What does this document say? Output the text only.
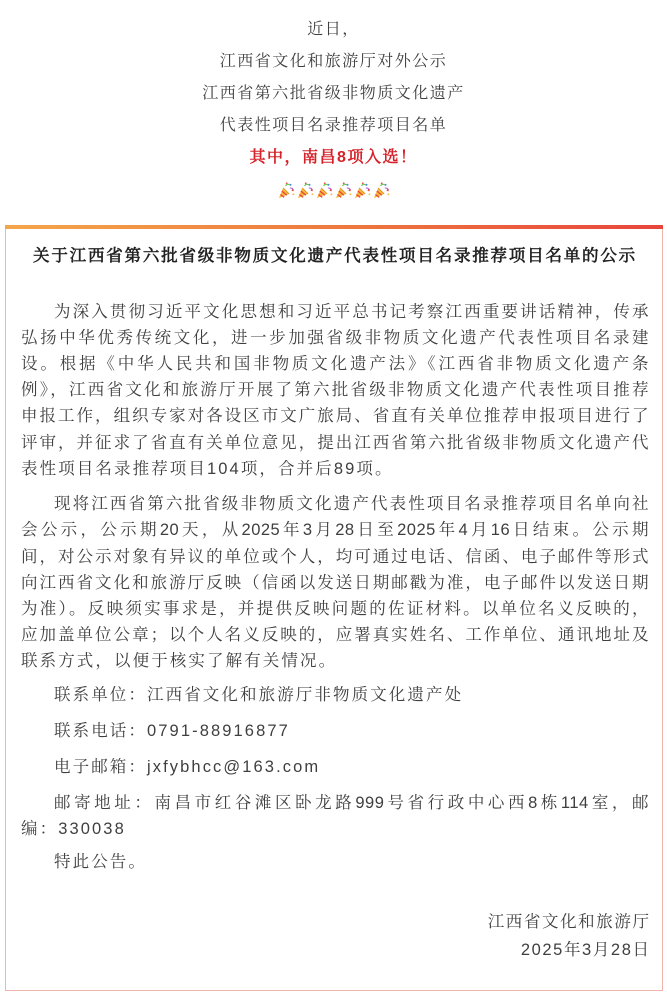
近日，
江西省文化和旅游厅对外公示
江西省第六批省级非物质文化遗产
代表性项目名录推荐项目名单
其中，南昌8项入选！
关于江西省第六批省级非物质文化遗产代表性项目名录推荐项目名单的公示
为深入贯彻习近平文化思想和习近平总书记考察江西重要讲话精神，传承
弘扬中华优秀传统文化，进一步加强省级非物质文化遗产代表性项目名录建
设。根据《中华人民共和国非物质文化遗产法》《江西省非物质文化遗产条
例》，江西省文化和旅游厅开展了第六批省级非物质文化遗产代表性项目推荐
申报工作，组织专家对各设区市文广旅局、省直有关单位推荐申报项目进行了
评审，并征求了省直有关单位意见，提出江西省第六批省级非物质文化遗产代
表性项目名录推荐项目104项，合并后89项。
现将江西省第六批省级非物质文化遗产代表性项目名录推荐项目名单向社
会公示，公示期20天，从2025年3月28日至2025年4月16日结束。公示期
间，对公示对象有异议的单位或个人，均可通过电话、信函、电子邮件等形式
向江西省文化和旅游厅反映（信函以发送日期邮戳为准，电子邮件以发送日期
为准）。反映须实事求是，并提供反映问题的佐证材料。以单位名义反映的，
应加盖单位公章；以个人名义反映的，应署真实姓名、工作单位、通讯地址及
联系方式，以便于核实了解有关情况。
联系单位：江西省文化和旅游厅非物质文化遗产处
联系电话：0791-88916877
电子邮箱：jxfybhcc@163.com
邮寄地址：南昌市红谷滩区卧龙路999号省行政中心西8栋114室，邮
编：330038
特此公告。
江西省文化和旅游厅
2025年3月28日
